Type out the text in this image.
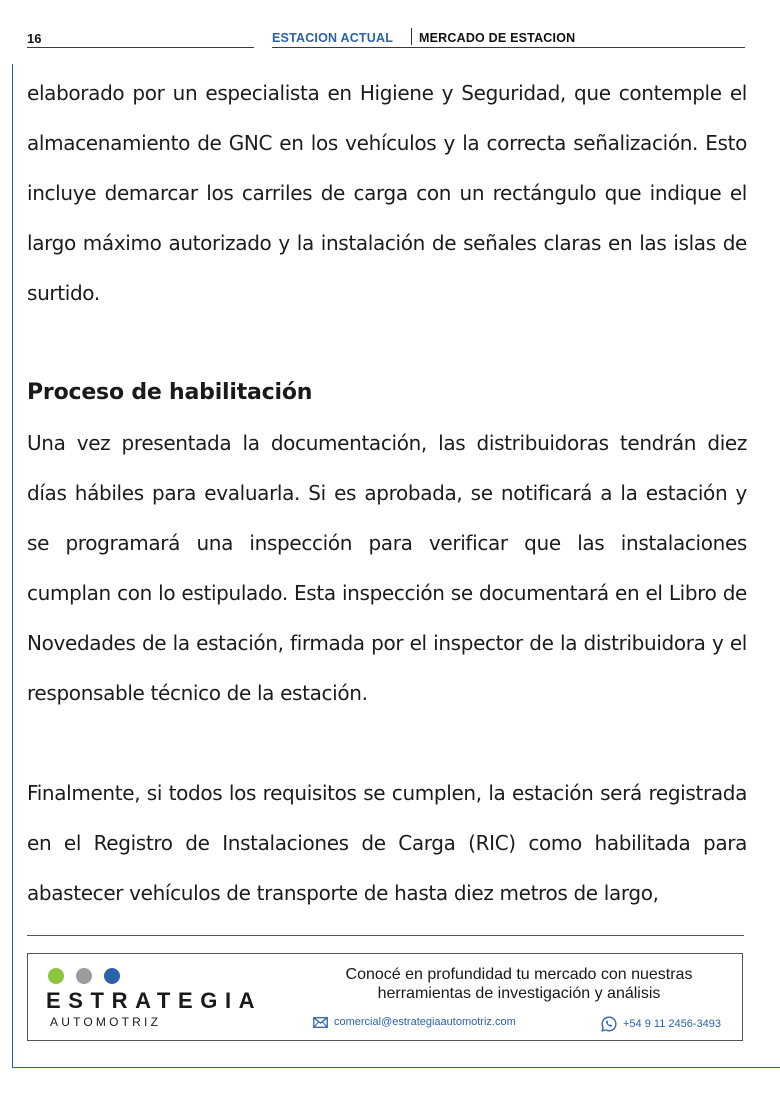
16	ESTACION ACTUAL MERCADO DE ESTACION

elaborado por un especialista en Higiene y Seguridad, que contemple el almacenamiento de GNC en los vehículos y la correcta señalización. Esto incluye demarcar los carriles de carga con un rectángulo que indique el largo máximo autorizado y la instalación de señales claras en las islas de surtido.

Proceso de habilitación

Una vez presentada la documentación, las distribuidoras tendrán diez días hábiles para evaluarla. Si es aprobada, se notificará a la estación y se programará una inspección para verificar que las instalaciones cumplan con lo estipulado. Esta inspección se documentará en el Libro de Novedades de la estación, firmada por el inspector de la distribuidora y el responsable técnico de la estación.

Finalmente, si todos los requisitos se cumplen, la estación será registrada en el Registro de Instalaciones de Carga (RIC) como habilitada para abastecer vehículos de transporte de hasta diez metros de largo,

ESTRATEGIA
AUTOMOTRIZ
Conocé en profundidad tu mercado con nuestras
herramientas de investigación y análisis
comercial@estrategiaautomotriz.com	+54 9 11 2456-3493
